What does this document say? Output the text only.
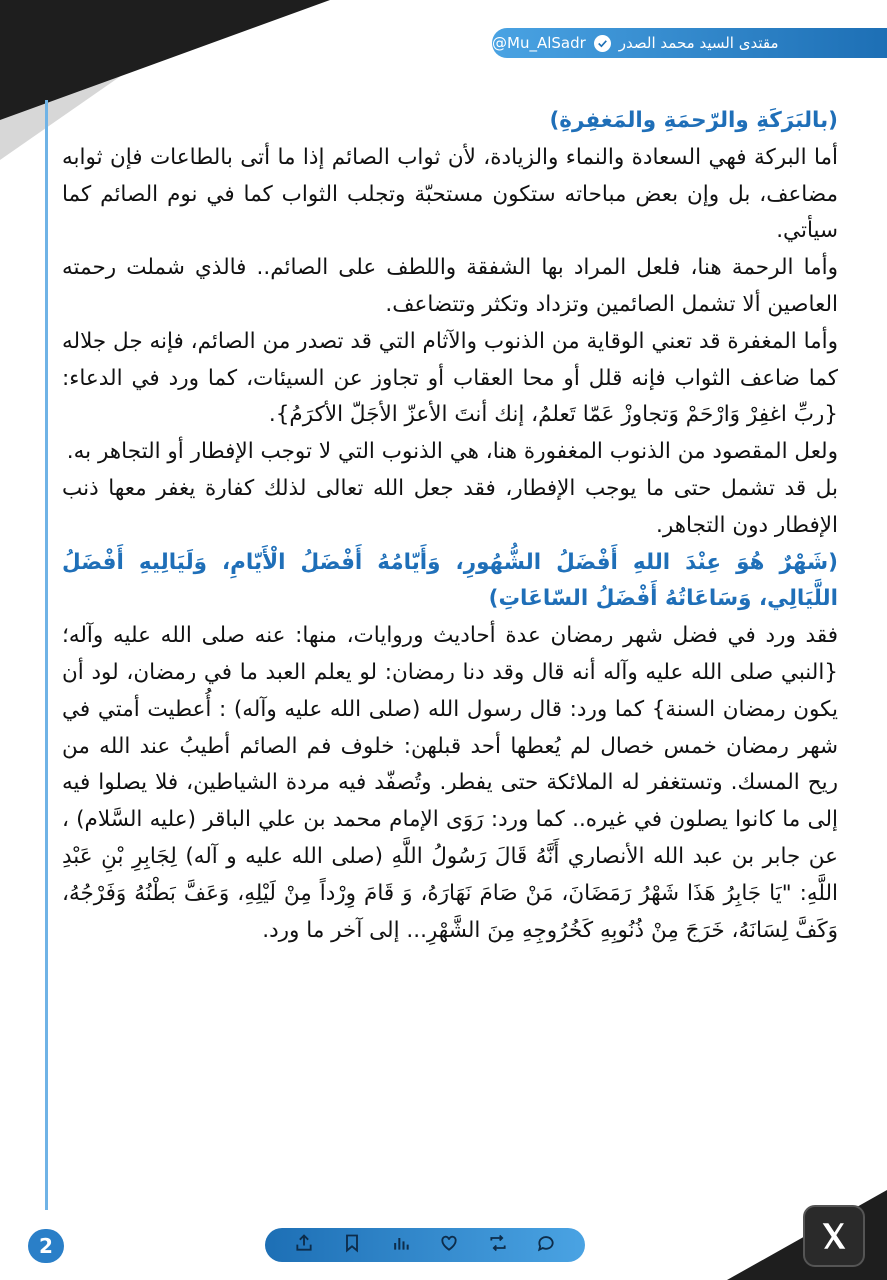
مقتدى السيد محمد الصدر
@Mu_AlSadr

(بالبَرَكَةِ والرّحمَةِ والمَغفِرةِ)

أما البركة فهي السعادة والنماء والزيادة، لأن ثواب الصائم إذا ما أتى بالطاعات فإن ثوابه مضاعف، بل وإن بعض مباحاته ستكون مستحبّة وتجلب الثواب كما في نوم الصائم كما سيأتي.

وأما الرحمة هنا، فلعل المراد بها الشفقة واللطف على الصائم.. فالذي شملت رحمته العاصين ألا تشمل الصائمين وتزداد وتكثر وتتضاعف.

وأما المغفرة قد تعني الوقاية من الذنوب والآثام التي قد تصدر من الصائم، فإنه جل جلاله كما ضاعف الثواب فإنه قلل أو محا العقاب أو تجاوز عن السيئات، كما ورد في الدعاء: {ربِّ اغفِرْ وَارْحَمْ وَتجاوزْ عَمّا تَعلمُ، إنك أنتَ الأعزّ الأجَلّ الأكرَمُ}.

ولعل المقصود من الذنوب المغفورة هنا، هي الذنوب التي لا توجب الإفطار أو التجاهر به.

بل قد تشمل حتى ما يوجب الإفطار، فقد جعل الله تعالى لذلك كفارة يغفر معها ذنب الإفطار دون التجاهر.

(شَهْرٌ هُوَ عِنْدَ اللهِ أَفْضَلُ الشُّهُورِ، وَأَيّامُهُ أَفْضَلُ الْأَيّامِ، وَلَيَالِيهِ أَفْضَلُ اللَّيَالِي، وَسَاعَاتُهُ أَفْضَلُ السّاعَاتِ)

فقد ورد في فضل شهر رمضان عدة أحاديث وروايات، منها: عنه صلى الله عليه وآله؛ {النبي صلى الله عليه وآله أنه قال وقد دنا رمضان: لو يعلم العبد ما في رمضان، لود أن يكون رمضان السنة} كما ورد: قال رسول الله (صلى الله عليه وآله) : أُعطيت أمتي في شهر رمضان خمس خصال لم يُعطها أحد قبلهن: خلوف فم الصائم أطيبُ عند الله من ريح المسك. وتستغفر له الملائكة حتى يفطر. وتُصفّد فيه مردة الشياطين، فلا يصلوا فيه إلى ما كانوا يصلون في غيره.. كما ورد: رَوَى الإمام محمد بن علي الباقر (عليه السَّلام) ، عن جابر بن عبد الله الأنصاري أَنَّهُ قَالَ رَسُولُ اللَّهِ (صلى الله عليه و آله) لِجَابِرِ بْنِ عَبْدِ اللَّهِ: "يَا جَابِرُ هَذَا شَهْرُ رَمَضَانَ، مَنْ صَامَ نَهَارَهُ، وَ قَامَ وِرْداً مِنْ لَيْلِهِ، وَعَفَّ بَطْنُهُ وَفَرْجُهُ، وَكَفَّ لِسَانَهُ، خَرَجَ مِنْ ذُنُوبِهِ كَخُرُوجِهِ مِنَ الشَّهْرِ... إلى آخر ما ورد.

2
